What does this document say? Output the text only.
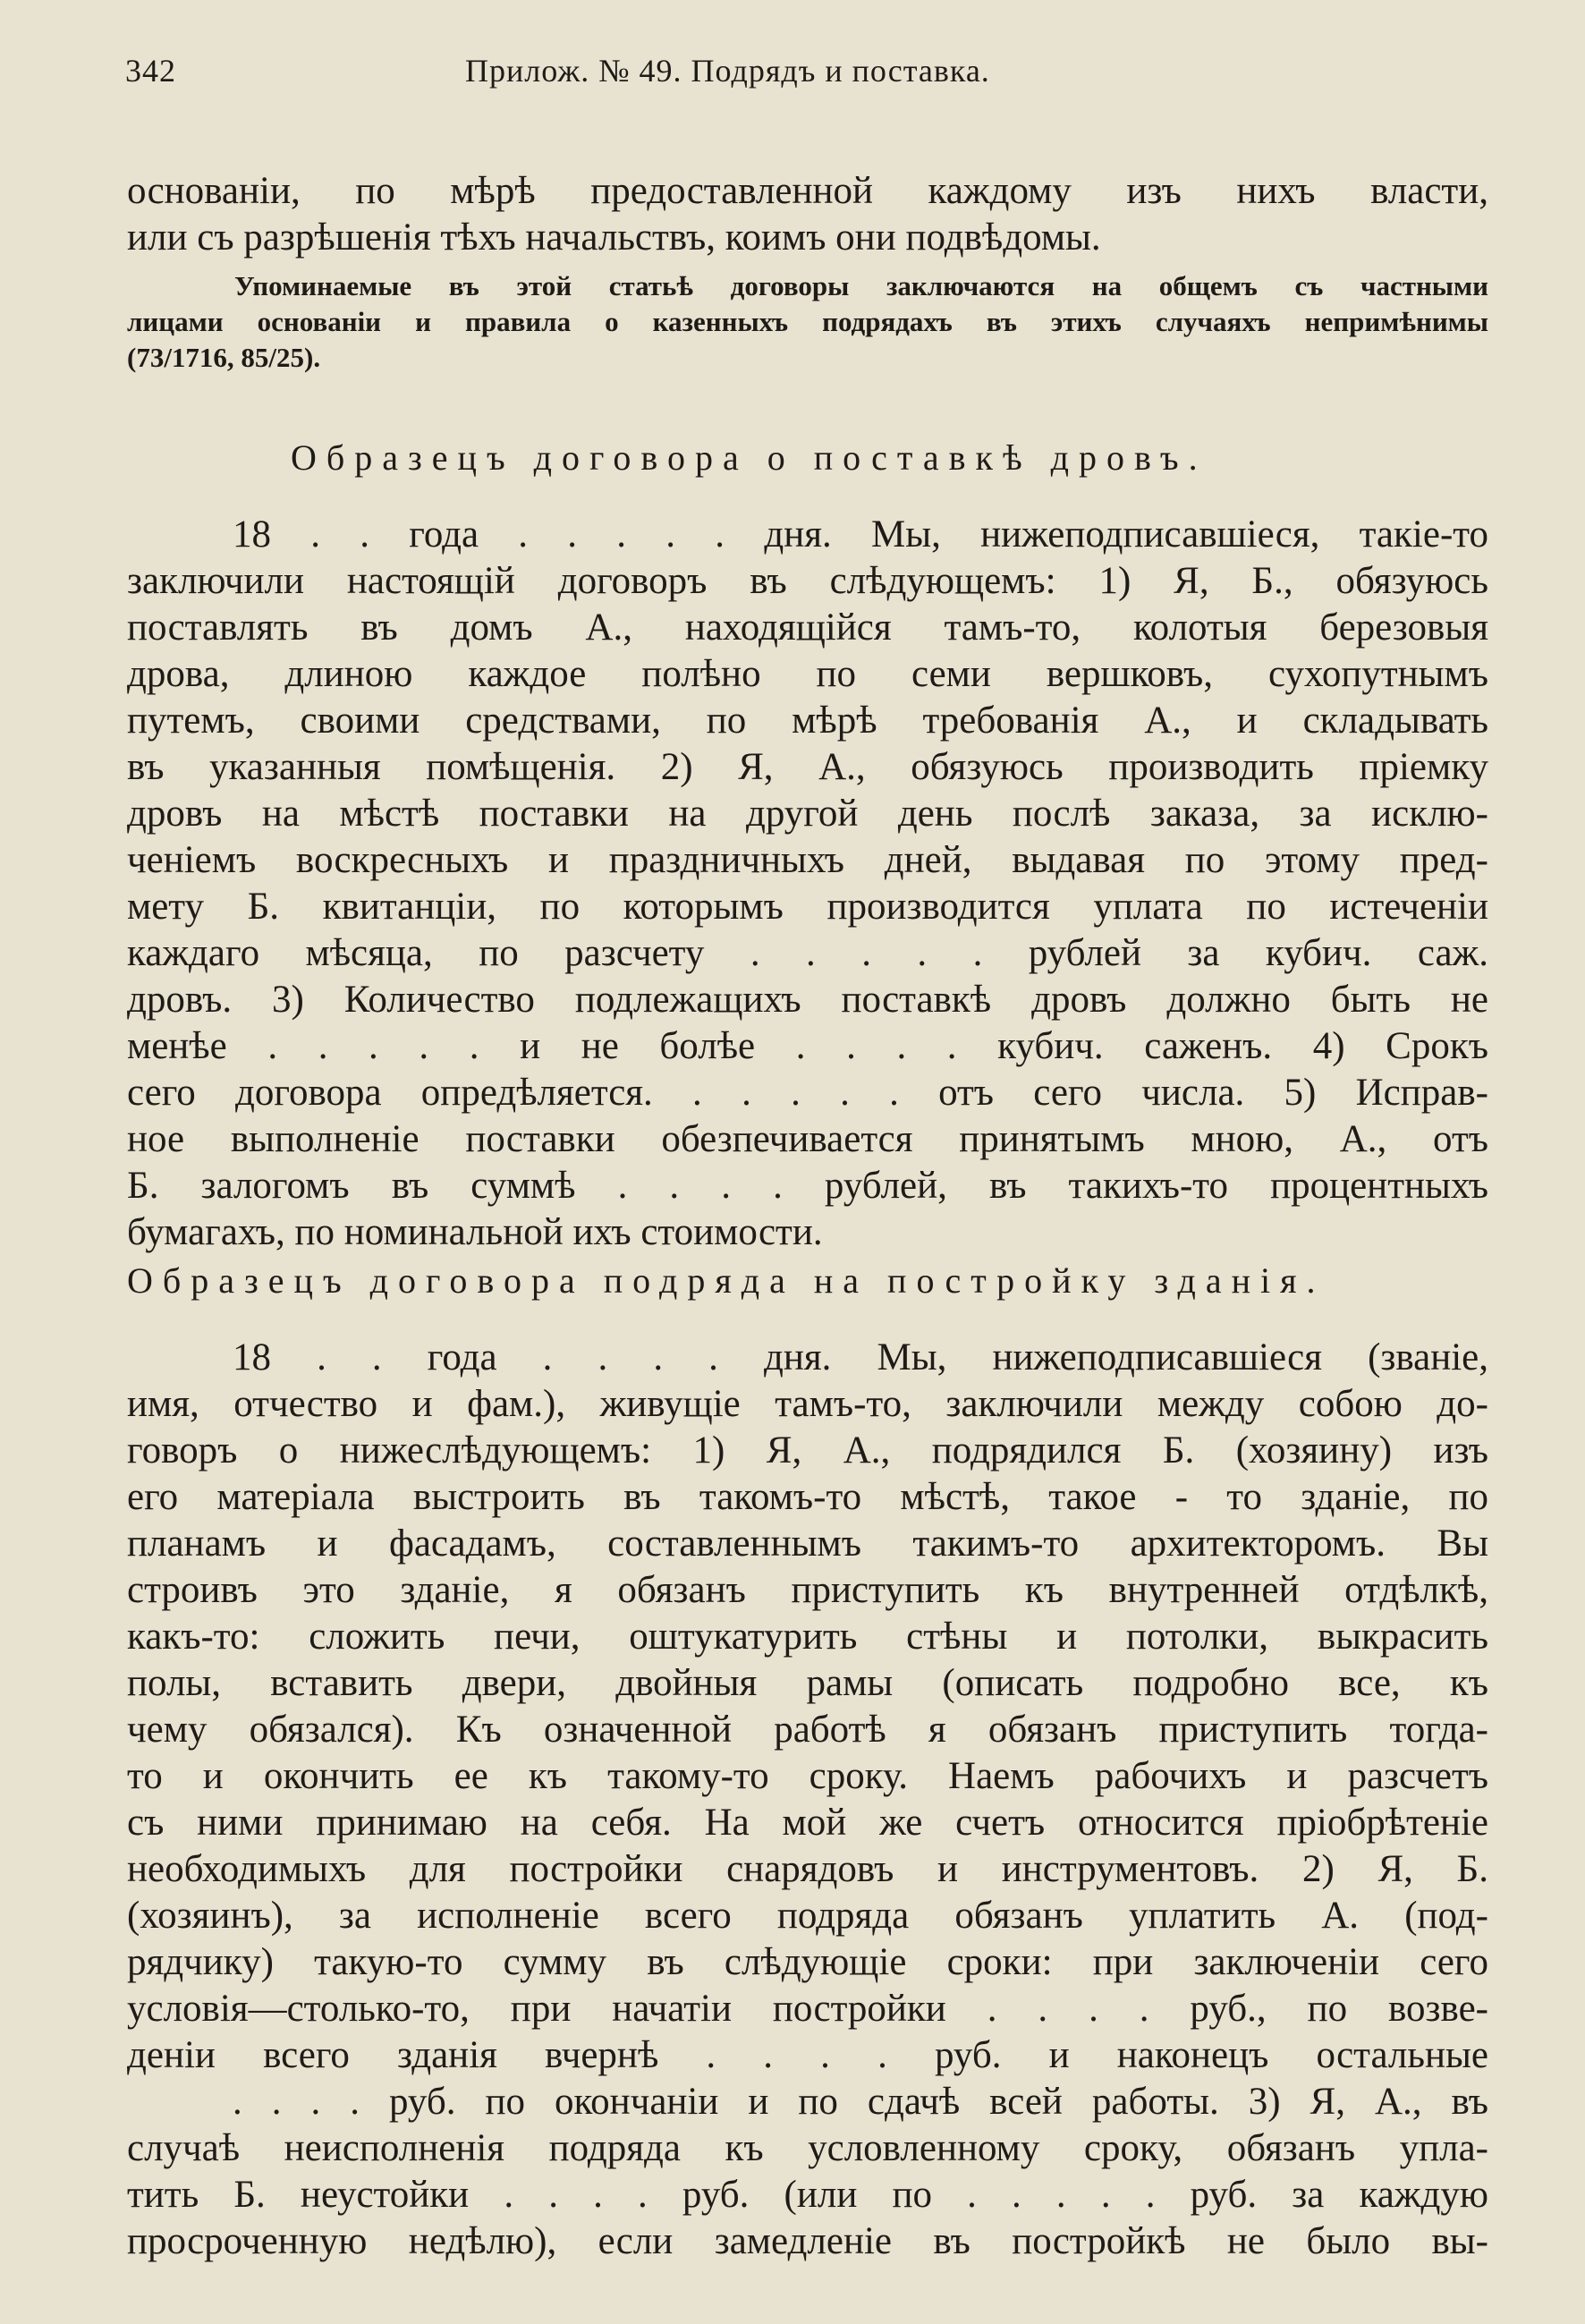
342	Прилож. № 49. Подрядъ и поставка.
основаніи, по мѣрѣ предоставленной каждому изъ нихъ власти,
или съ разрѣшенія тѣхъ начальствъ, коимъ они подвѣдомы.
Упоминаемые въ этой статьѣ договоры заключаются на общемъ съ частными
лицами основаніи и правила о казенныхъ подрядахъ въ этихъ случаяхъ непримѣнимы
(73/1716, 85/25).
Образецъ договора о поставкѣ дровъ.
18 . . года . . . . . дня. Мы, нижеподписавшіеся, такіе-то
заключили настоящій договоръ въ слѣдующемъ: 1) Я, Б., обязуюсь
поставлять въ домъ А., находящійся тамъ-то, колотыя березовыя
дрова, длиною каждое полѣно по семи вершковъ, сухопутнымъ
путемъ, своими средствами, по мѣрѣ требованія А., и складывать
въ указанныя помѣщенія. 2) Я, А., обязуюсь производить пріемку
дровъ на мѣстѣ поставки на другой день послѣ заказа, за исклю-
ченіемъ воскресныхъ и праздничныхъ дней, выдавая по этому пред-
мету Б. квитанціи, по которымъ производится уплата по истеченіи
каждаго мѣсяца, по разсчету . . . . . рублей за кубич. саж.
дровъ. 3) Количество подлежащихъ поставкѣ дровъ должно быть не
менѣе . . . . . и не болѣе . . . . кубич. саженъ. 4) Срокъ
сего договора опредѣляется. . . . . . отъ сего числа. 5) Исправ-
ное выполненіе поставки обезпечивается принятымъ мною, А., отъ
Б. залогомъ въ суммѣ . . . . рублей, въ такихъ-то процентныхъ
бумагахъ, по номинальной ихъ стоимости.
Образецъ договора подряда на постройку зданія.
18 . . года . . . . дня. Мы, нижеподписавшіеся (званіе,
имя, отчество и фам.), живущіе тамъ-то, заключили между собою до-
говоръ о нижеслѣдующемъ: 1) Я, А., подрядился Б. (хозяину) изъ
его матеріала выстроить въ такомъ-то мѣстѣ, такое - то зданіе, по
планамъ и фасадамъ, составленнымъ такимъ-то архитекторомъ. Вы
строивъ это зданіе, я обязанъ приступить къ внутренней отдѣлкѣ,
какъ-то: сложить печи, оштукатурить стѣны и потолки, выкрасить
полы, вставить двери, двойныя рамы (описать подробно все, къ
чему обязался). Къ означенной работѣ я обязанъ приступить тогда-
то и окончить ее къ такому-то сроку. Наемъ рабочихъ и разсчетъ
съ ними принимаю на себя. На мой же счетъ относится пріобрѣтеніе
необходимыхъ для постройки снарядовъ и инструментовъ. 2) Я, Б.
(хозяинъ), за исполненіе всего подряда обязанъ уплатить А. (под-
рядчику) такую-то сумму въ слѣдующіе сроки: при заключеніи сего
условія—столько-то, при начатіи постройки . . . . руб., по возве-
деніи всего зданія вчернѣ . . . . руб. и наконецъ остальные
. . . . руб. по окончаніи и по сдачѣ всей работы. 3) Я, А., въ
случаѣ неисполненія подряда къ условленному сроку, обязанъ упла-
тить Б. неустойки . . . . руб. (или по . . . . . руб. за каждую
просроченную недѣлю), если замедленіе въ постройкѣ не было вы-
